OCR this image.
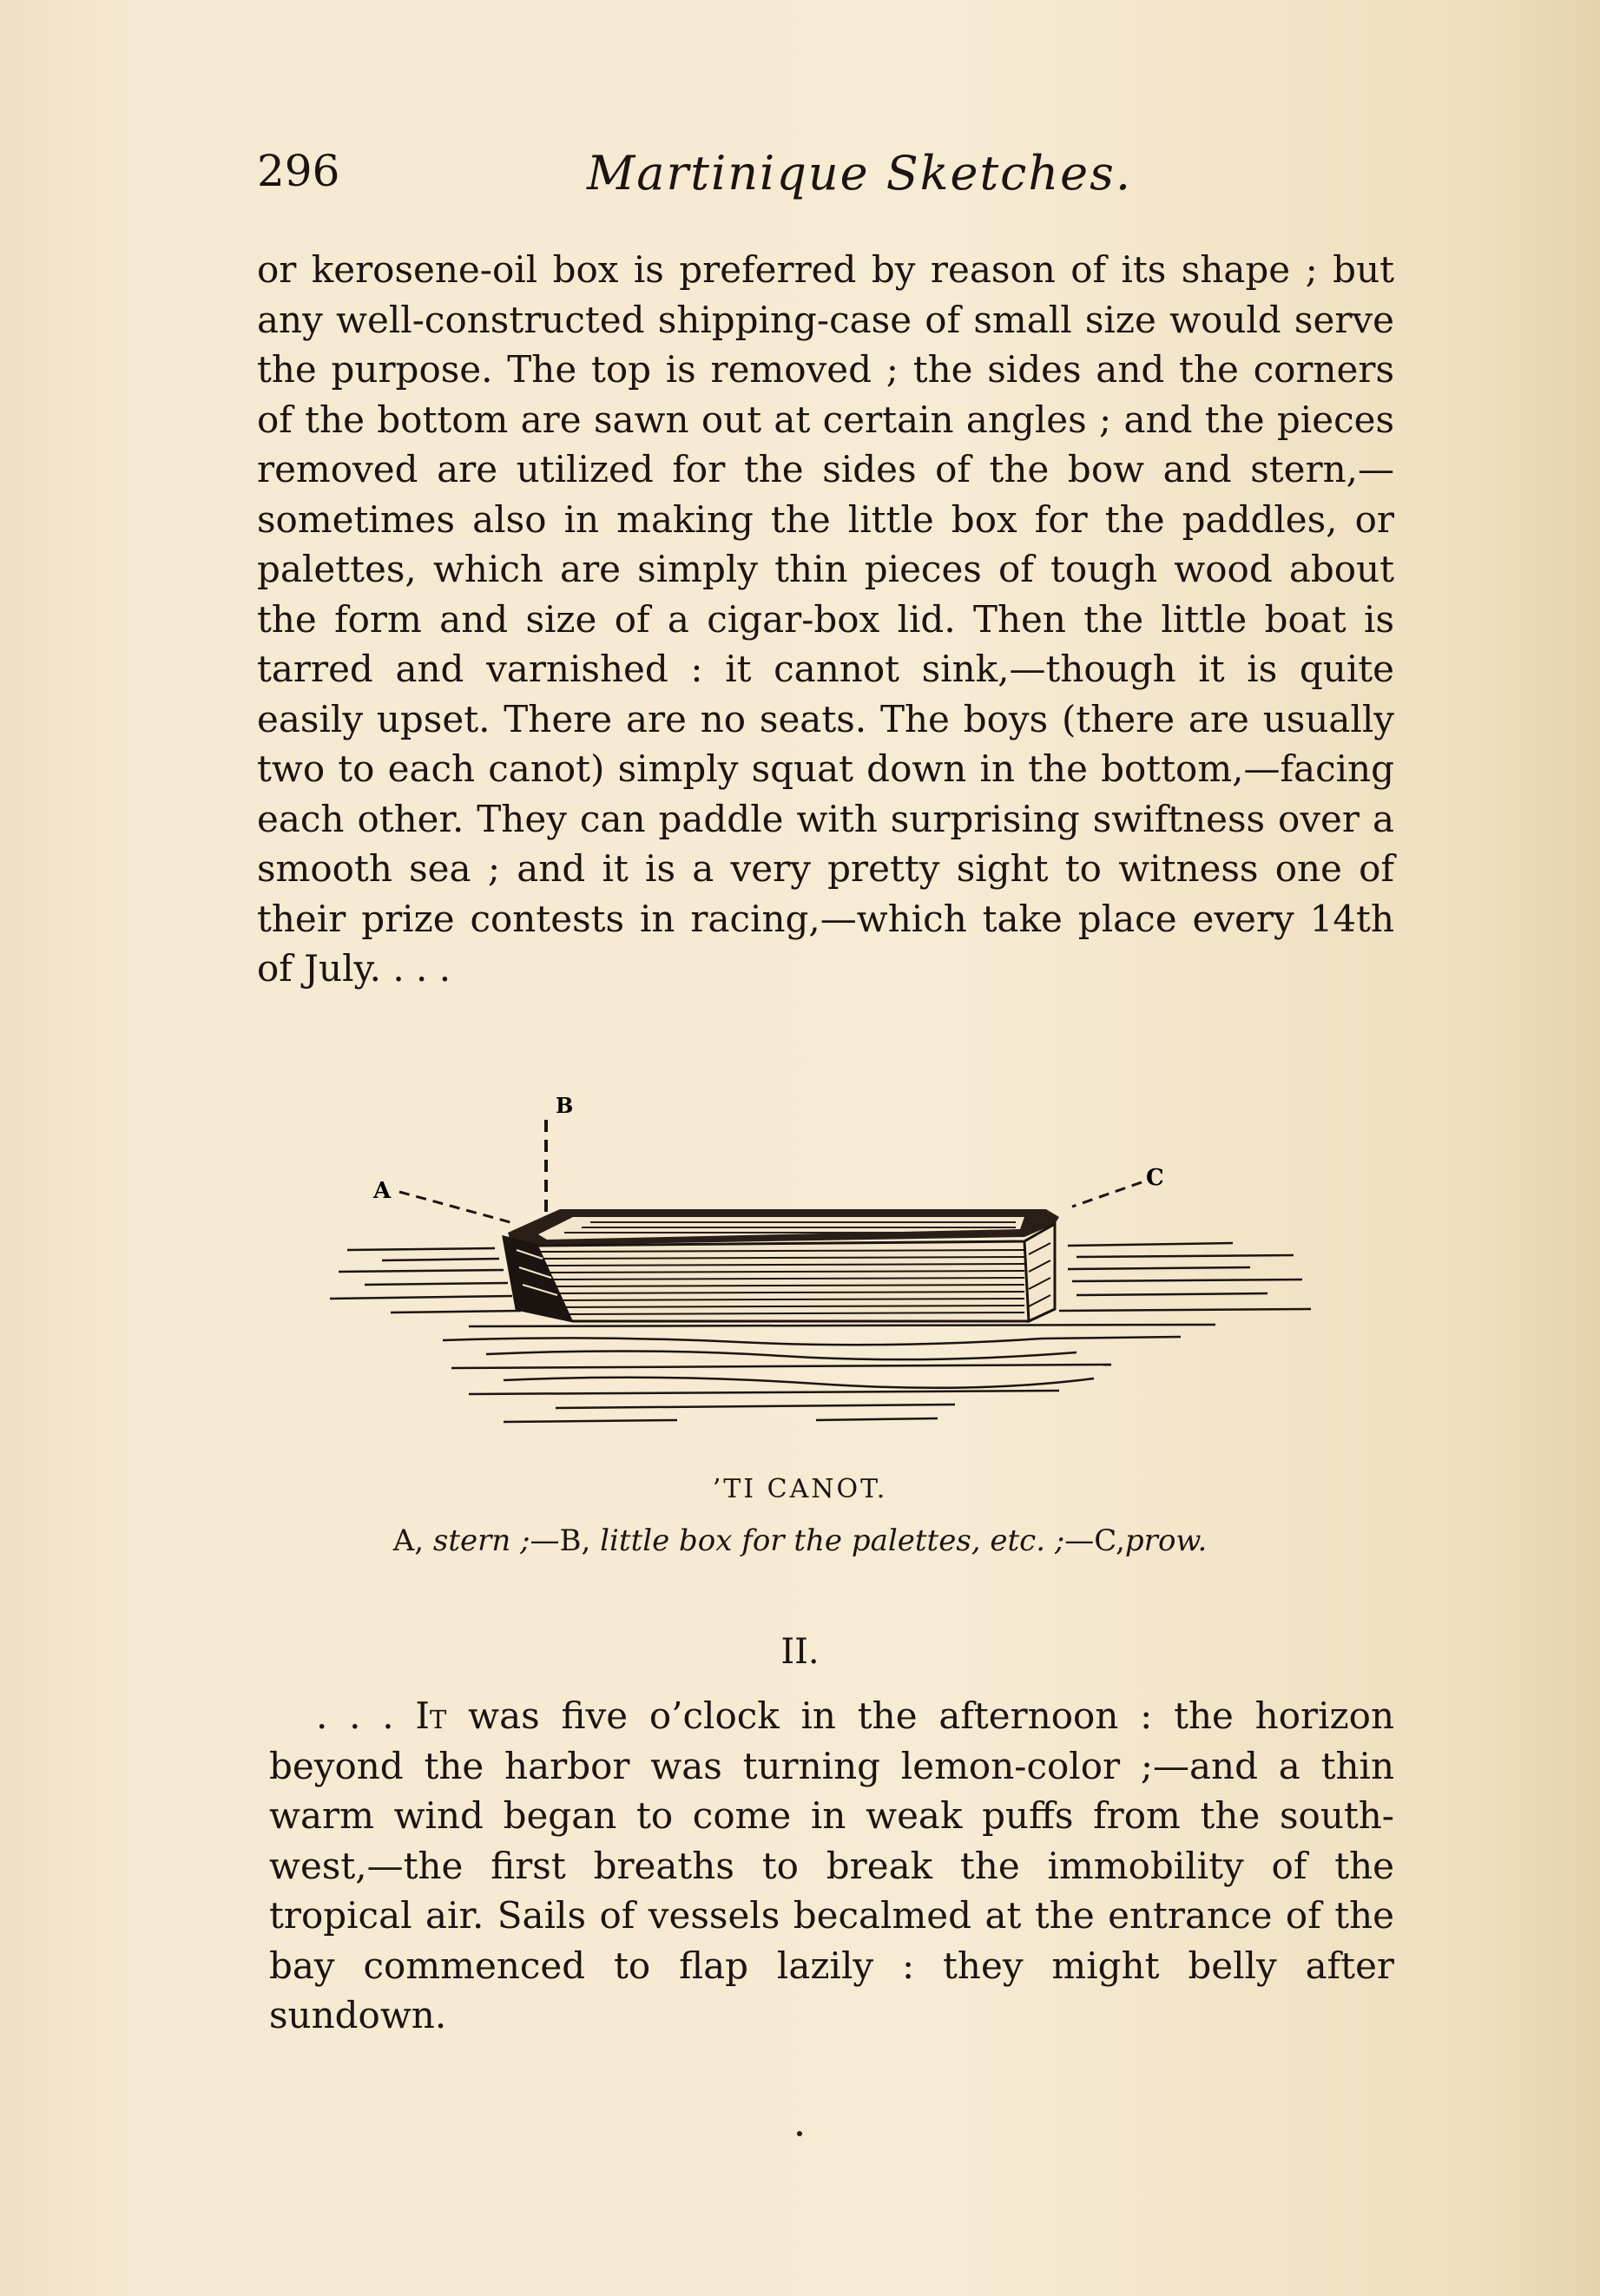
296	Martinique Sketches.

or kerosene-oil box is preferred by reason of its shape ; but any well-constructed shipping-case of small size would serve the purpose. The top is removed ; the sides and the corners of the bottom are sawn out at certain angles ; and the pieces removed are utilized for the sides of the bow and stern,—sometimes also in making the little box for the paddles, or palettes, which are simply thin pieces of tough wood about the form and size of a cigar-box lid. Then the little boat is tarred and varnished : it cannot sink,—though it is quite easily upset. There are no seats. The boys (there are usually two to each canot) simply squat down in the bottom,—facing each other. They can paddle with surprising swiftness over a smooth sea ; and it is a very pretty sight to witness one of their prize contests in racing,—which take place every 14th of July. . . .

A
B
C
’TI CANOT.
A, stern ;—B, little box for the palettes, etc. ;—C,prow.
II.

. . . It was five o’clock in the afternoon : the horizon beyond the harbor was turning lemon-color ;—and a thin warm wind began to come in weak puffs from the south-west,—the first breaths to break the immobility of the tropical air. Sails of vessels becalmed at the entrance of the bay commenced to flap lazily : they might belly after sundown.
